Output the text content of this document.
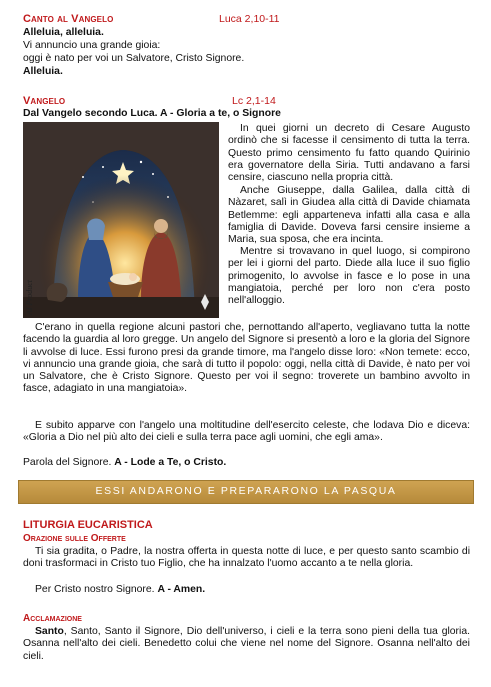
Canto al Vangelo	Luca 2,10-11
Alleluia, alleluia.
Vi annuncio una grande gioia:
oggi è nato per voi un Salvatore, Cristo Signore.
Alleluia.
Vangelo	Lc 2,1-14
Dal Vangelo secondo Luca. A - Gloria a te, o Signore
AI Product
In quei giorni un decreto di Cesare Augusto ordinò che si facesse il censimento di tutta la terra. Questo primo censimento fu fatto quando Quirinio era governatore della Siria. Tutti andavano a farsi censire, ciascuno nella propria città.
Anche Giuseppe, dalla Galilea, dalla città di Nàzaret, salì in Giudea alla città di Davide chiamata Betlemme: egli apparteneva infatti alla casa e alla famiglia di Davide. Doveva farsi censire insieme a Maria, sua sposa, che era incinta.
Mentre si trovavano in quel luogo, si compirono per lei i giorni del parto. Diede alla luce il suo figlio primogenito, lo avvolse in fasce e lo pose in una mangiatoia, perché per loro non c'era posto nell'alloggio.
C'erano in quella regione alcuni pastori che, pernottando all'aperto, vegliavano tutta la notte facendo la guardia al loro gregge. Un angelo del Signore si presentò a loro e la gloria del Signore li avvolse di luce. Essi furono presi da grande timore, ma l'angelo disse loro: «Non temete: ecco, vi annuncio una grande gioia, che sarà di tutto il popolo: oggi, nella città di Davide, è nato per voi un Salvatore, che è Cristo Signore. Questo per voi il segno: troverete un bambino avvolto in fasce, adagiato in una mangiatoia».
E subito apparve con l'angelo una moltitudine dell'esercito celeste, che lodava Dio e diceva: «Gloria a Dio nel più alto dei cieli e sulla terra pace agli uomini, che egli ama».
Parola del Signore. A - Lode a Te, o Cristo.
ESSI ANDARONO E PREPARARONO LA PASQUA
LITURGIA EUCARISTICA
Orazione sulle Offerte
Ti sia gradita, o Padre, la nostra offerta in questa notte di luce, e per questo santo scambio di doni trasformaci in Cristo tuo Figlio, che ha innalzato l'uomo accanto a te nella gloria.
Per Cristo nostro Signore. A - Amen.
Acclamazione
Santo, Santo, Santo il Signore, Dio dell'universo, i cieli e la terra sono pieni della tua gloria. Osanna nell'alto dei cieli. Benedetto colui che viene nel nome del Signore. Osanna nell'alto dei cieli.
